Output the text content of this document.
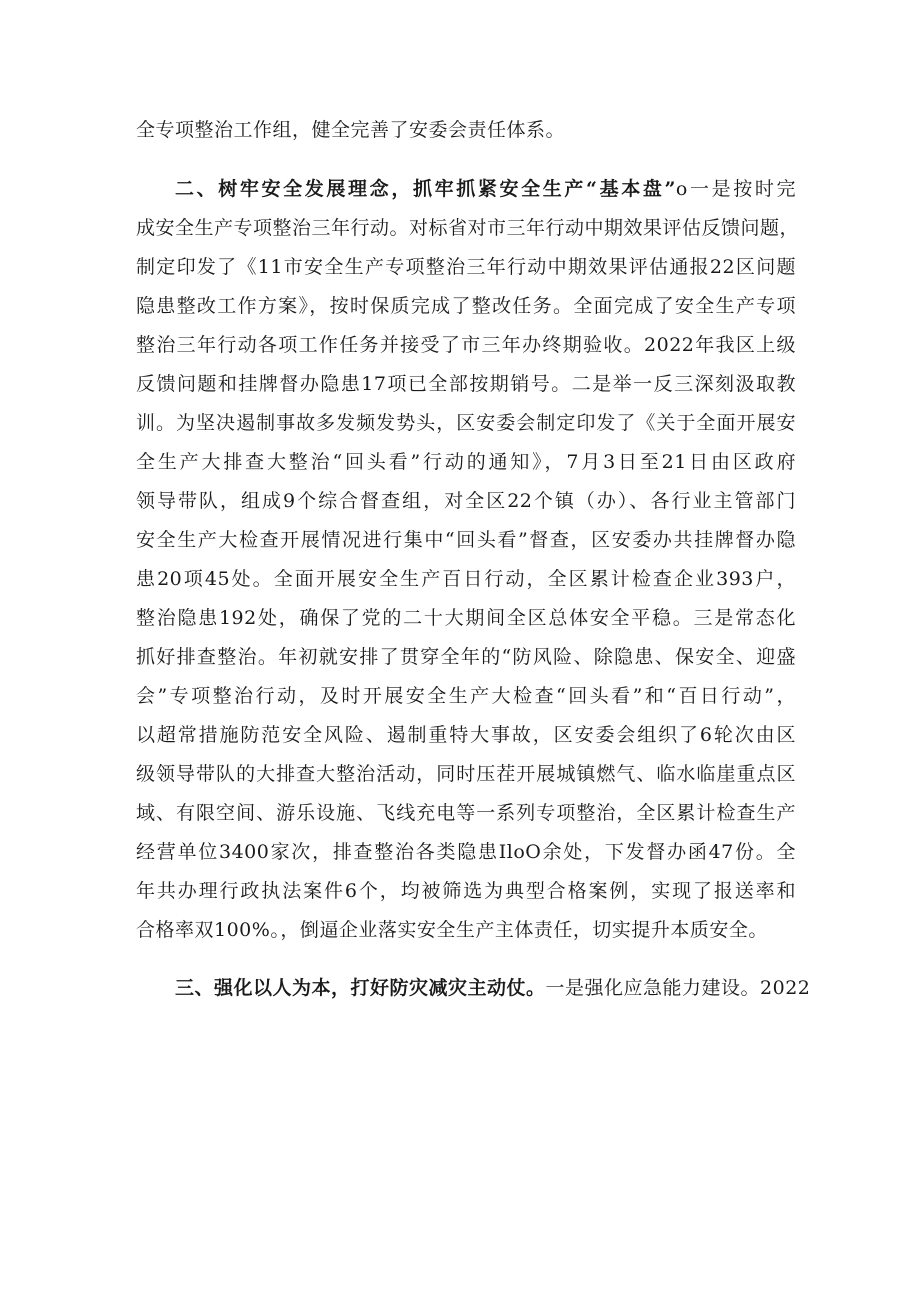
全专项整治工作组，健全完善了安委会责任体系。
二、树牢安全发展理念，抓牢抓紧安全生产“基本盘”o一是按时完
成安全生产专项整治三年行动。对标省对市三年行动中期效果评估反馈问题，
制定印发了《11市安全生产专项整治三年行动中期效果评估通报22区问题
隐患整改工作方案》，按时保质完成了整改任务。全面完成了安全生产专项
整治三年行动各项工作任务并接受了市三年办终期验收。2022年我区上级
反馈问题和挂牌督办隐患17项已全部按期销号。二是举一反三深刻汲取教
训。为坚决遏制事故多发频发势头，区安委会制定印发了《关于全面开展安
全生产大排查大整治“回头看”行动的通知》，7月3日至21日由区政府
领导带队，组成9个综合督查组，对全区22个镇（办）、各行业主管部门
安全生产大检查开展情况进行集中“回头看”督查，区安委办共挂牌督办隐
患20项45处。全面开展安全生产百日行动，全区累计检查企业393户，
整治隐患192处，确保了党的二十大期间全区总体安全平稳。三是常态化
抓好排查整治。年初就安排了贯穿全年的“防风险、除隐患、保安全、迎盛
会”专项整治行动，及时开展安全生产大检查“回头看”和“百日行动”，
以超常措施防范安全风险、遏制重特大事故，区安委会组织了6轮次由区
级领导带队的大排查大整治活动，同时压茬开展城镇燃气、临水临崖重点区
域、有限空间、游乐设施、飞线充电等一系列专项整治，全区累计检查生产
经营单位3400家次，排查整治各类隐患IloO余处，下发督办函47份。全
年共办理行政执法案件6个，均被筛选为典型合格案例，实现了报送率和
合格率双100%。，倒逼企业落实安全生产主体责任，切实提升本质安全。
三、强化以人为本，打好防灾减灾主动仗。一是强化应急能力建设。2022
